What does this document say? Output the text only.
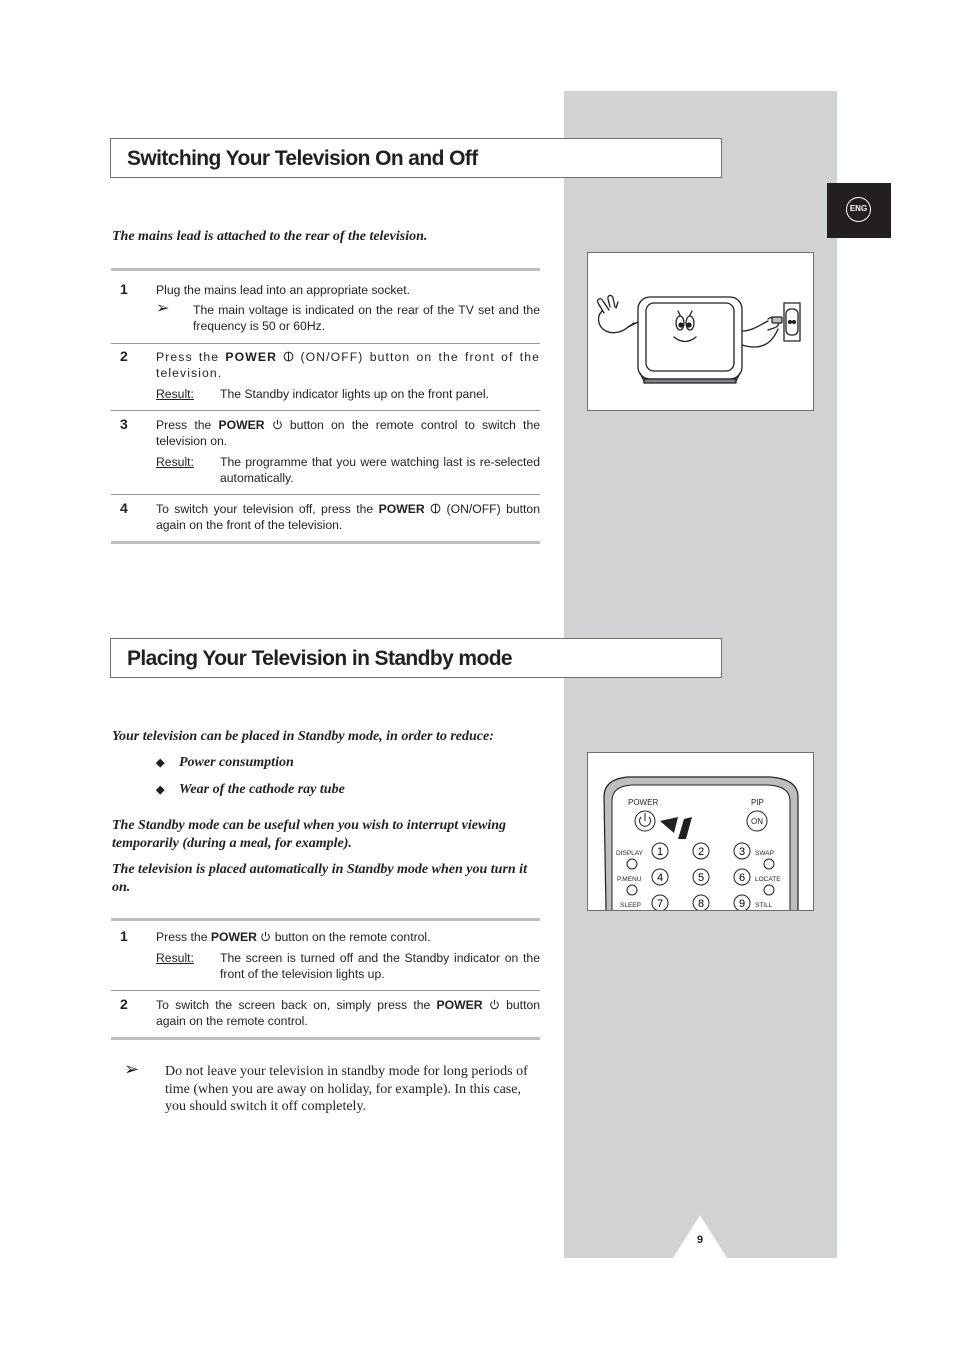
ENG
Switching Your Television On and Off
The mains lead is attached to the rear of the television.
1 Plug the mains lead into an appropriate socket.
➢	The main voltage is indicated on the rear of the TV set and the frequency is 50 or 60Hz.
2 Press the POWER (ON/OFF) button on the front of the television.
Result:	The Standby indicator lights up on the front panel.
3 Press the POWER button on the remote control to switch the television on.
Result:	The programme that you were watching last is re-selected automatically.
4 To switch your television off, press the POWER (ON/OFF) button again on the front of the television.
Placing Your Television in Standby mode
Your television can be placed in Standby mode, in order to reduce:
◆ Power consumption
◆ Wear of the cathode ray tube
The Standby mode can be useful when you wish to interrupt viewing temporarily (during a meal, for example).
The television is placed automatically in Standby mode when you turn it on.
1 Press the POWER button on the remote control.
Result:	The screen is turned off and the Standby indicator on the front of the television lights up.
2 To switch the screen back on, simply press the POWER button again on the remote control.
➢ Do not leave your television in standby mode for long periods of time (when you are away on holiday, for example). In this case, you should switch it off completely.
POWER	PIP
ON
DISPLAY 1	2	3 SWAP
P.MENU 4	5	6 LOCATE
SLEEP 7	8	9 STILL
9
